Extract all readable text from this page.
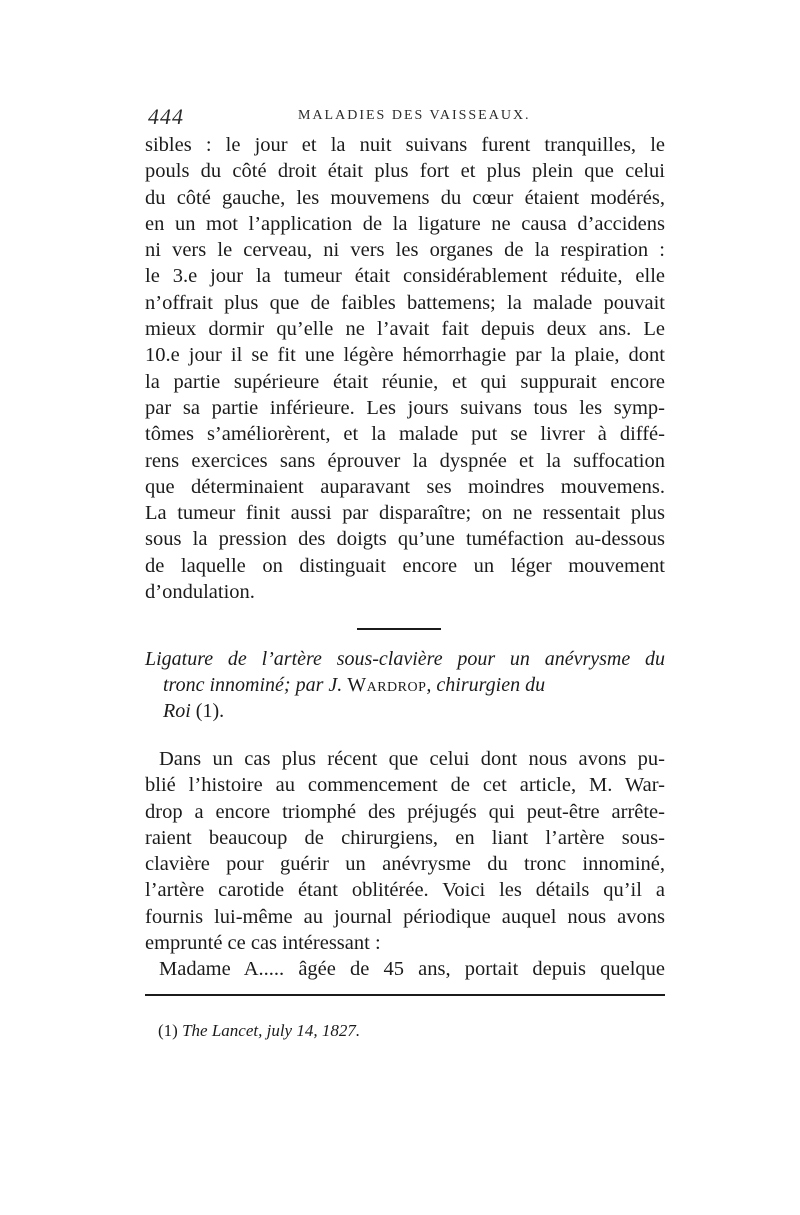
444	MALADIES DES VAISSEAUX.
sibles : le jour et la nuit suivans furent tranquilles, le
pouls du côté droit était plus fort et plus plein que celui
du côté gauche, les mouvemens du cœur étaient modérés,
en un mot l’application de la ligature ne causa d’accidens
ni vers le cerveau, ni vers les organes de la respiration :
le 3.e jour la tumeur était considérablement réduite, elle
n’offrait plus que de faibles battemens; la malade pouvait
mieux dormir qu’elle ne l’avait fait depuis deux ans. Le
10.e jour il se fit une légère hémorrhagie par la plaie, dont
la partie supérieure était réunie, et qui suppurait encore
par sa partie inférieure. Les jours suivans tous les symp-
tômes s’améliorèrent, et la malade put se livrer à diffé-
rens exercices sans éprouver la dyspnée et la suffocation
que déterminaient auparavant ses moindres mouvemens.
La tumeur finit aussi par disparaître; on ne ressentait plus
sous la pression des doigts qu’une tuméfaction au-dessous
de laquelle on distinguait encore un léger mouvement
d’ondulation.
Ligature de l’artère sous-clavière pour un anévrysme du
tronc innominé; par J. Wardrop, chirurgien du
Roi (1).
Dans un cas plus récent que celui dont nous avons pu-
blié l’histoire au commencement de cet article, M. War-
drop a encore triomphé des préjugés qui peut-être arrête-
raient beaucoup de chirurgiens, en liant l’artère sous-
clavière pour guérir un anévrysme du tronc innominé,
l’artère carotide étant oblitérée. Voici les détails qu’il a
fournis lui-même au journal périodique auquel nous avons
emprunté ce cas intéressant :
Madame A..... âgée de 45 ans, portait depuis quelque
(1) The Lancet, july 14, 1827.
